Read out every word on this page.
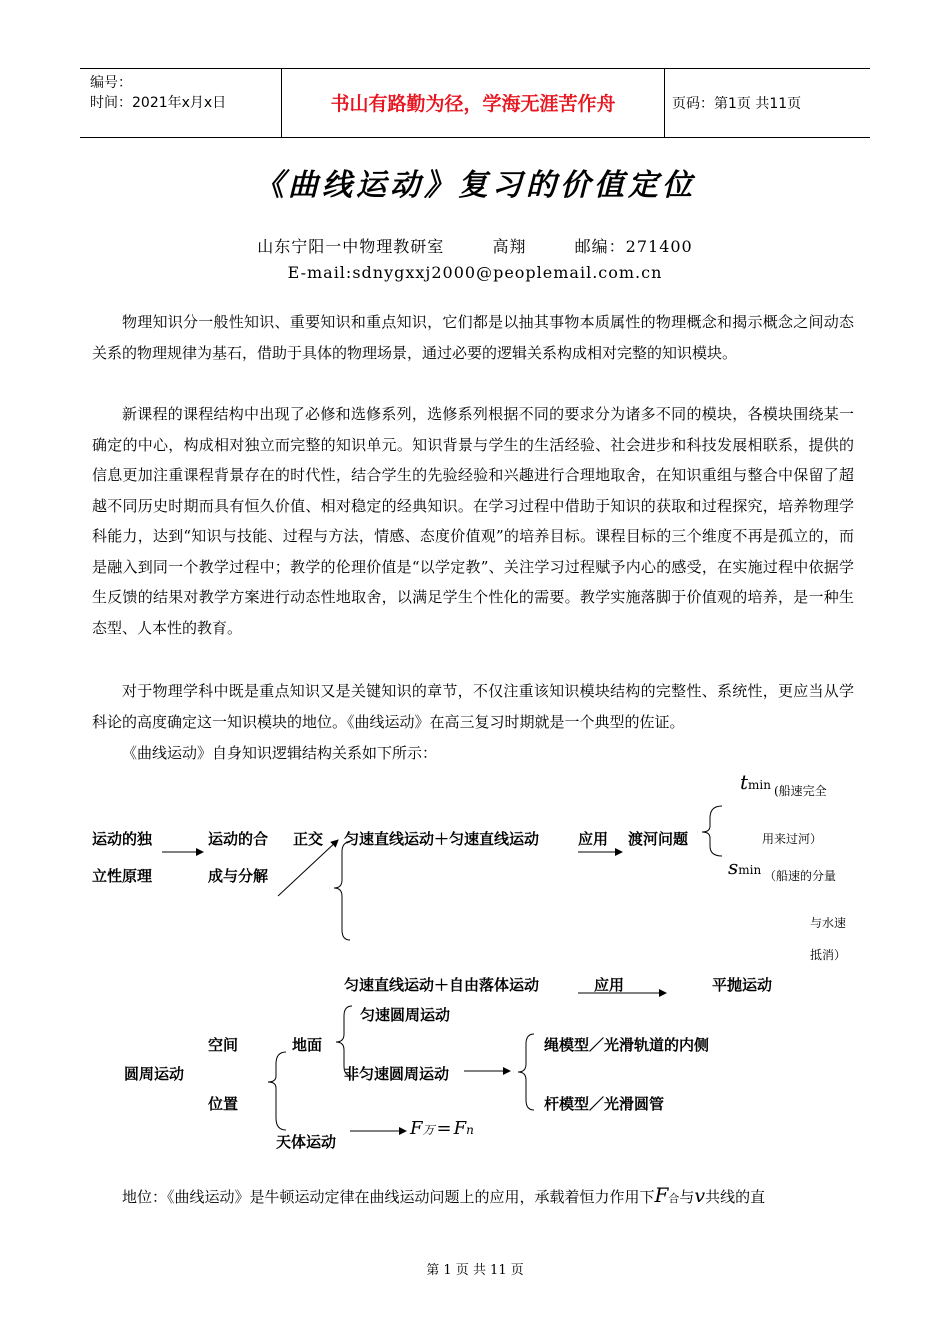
编号：
时间：2021年x月x日	书山有路勤为径，学海无涯苦作舟	页码：第1页 共11页
《曲线运动》复习的价值定位
山东宁阳一中物理教研室	高翔	邮编：271400
E-mail:sdnygxxj2000@peoplemail.com.cn
物理知识分一般性知识、重要知识和重点知识，它们都是以抽其事物本质属性的物理概念和揭示概念之间动态关系的物理规律为基石，借助于具体的物理场景，通过必要的逻辑关系构成相对完整的知识模块。
新课程的课程结构中出现了必修和选修系列，选修系列根据不同的要求分为诸多不同的模块，各模块围绕某一确定的中心，构成相对独立而完整的知识单元。知识背景与学生的生活经验、社会进步和科技发展相联系，提供的信息更加注重课程背景存在的时代性，结合学生的先验经验和兴趣进行合理地取舍，在知识重组与整合中保留了超越不同历史时期而具有恒久价值、相对稳定的经典知识。在学习过程中借助于知识的获取和过程探究，培养物理学科能力，达到“知识与技能、过程与方法，情感、态度价值观”的培养目标。课程目标的三个维度不再是孤立的，而是融入到同一个教学过程中；教学的伦理价值是“以学定教”、关注学习过程赋予内心的感受，在实施过程中依据学生反馈的结果对教学方案进行动态性地取舍，以满足学生个性化的需要。教学实施落脚于价值观的培养，是一种生态型、人本性的教育。
对于物理学科中既是重点知识又是关键知识的章节，不仅注重该知识模块结构的完整性、系统性，更应当从学科论的高度确定这一知识模块的地位。《曲线运动》在高三复习时期就是一个典型的佐证。
《曲线运动》自身知识逻辑结构关系如下所示：
运动的独
立性原理
运动的合
成与分解
正交 匀速直线运动＋匀速直线运动	应用 渡河问题
tmin (船速完全
用来过河）
smin （船速的分量
与水速
抵消）
匀速直线运动＋自由落体运动	应用	平抛运动
空间	地面
匀速圆周运动
圆周运动	非匀速圆周运动
绳模型／光滑轨道的内侧
杆模型／光滑圆管
位置
天体运动
F万 = Fn
地位：《曲线运动》是牛顿运动定律在曲线运动问题上的应用，承载着恒力作用下F合与v共线的直
第 1 页 共 11 页
